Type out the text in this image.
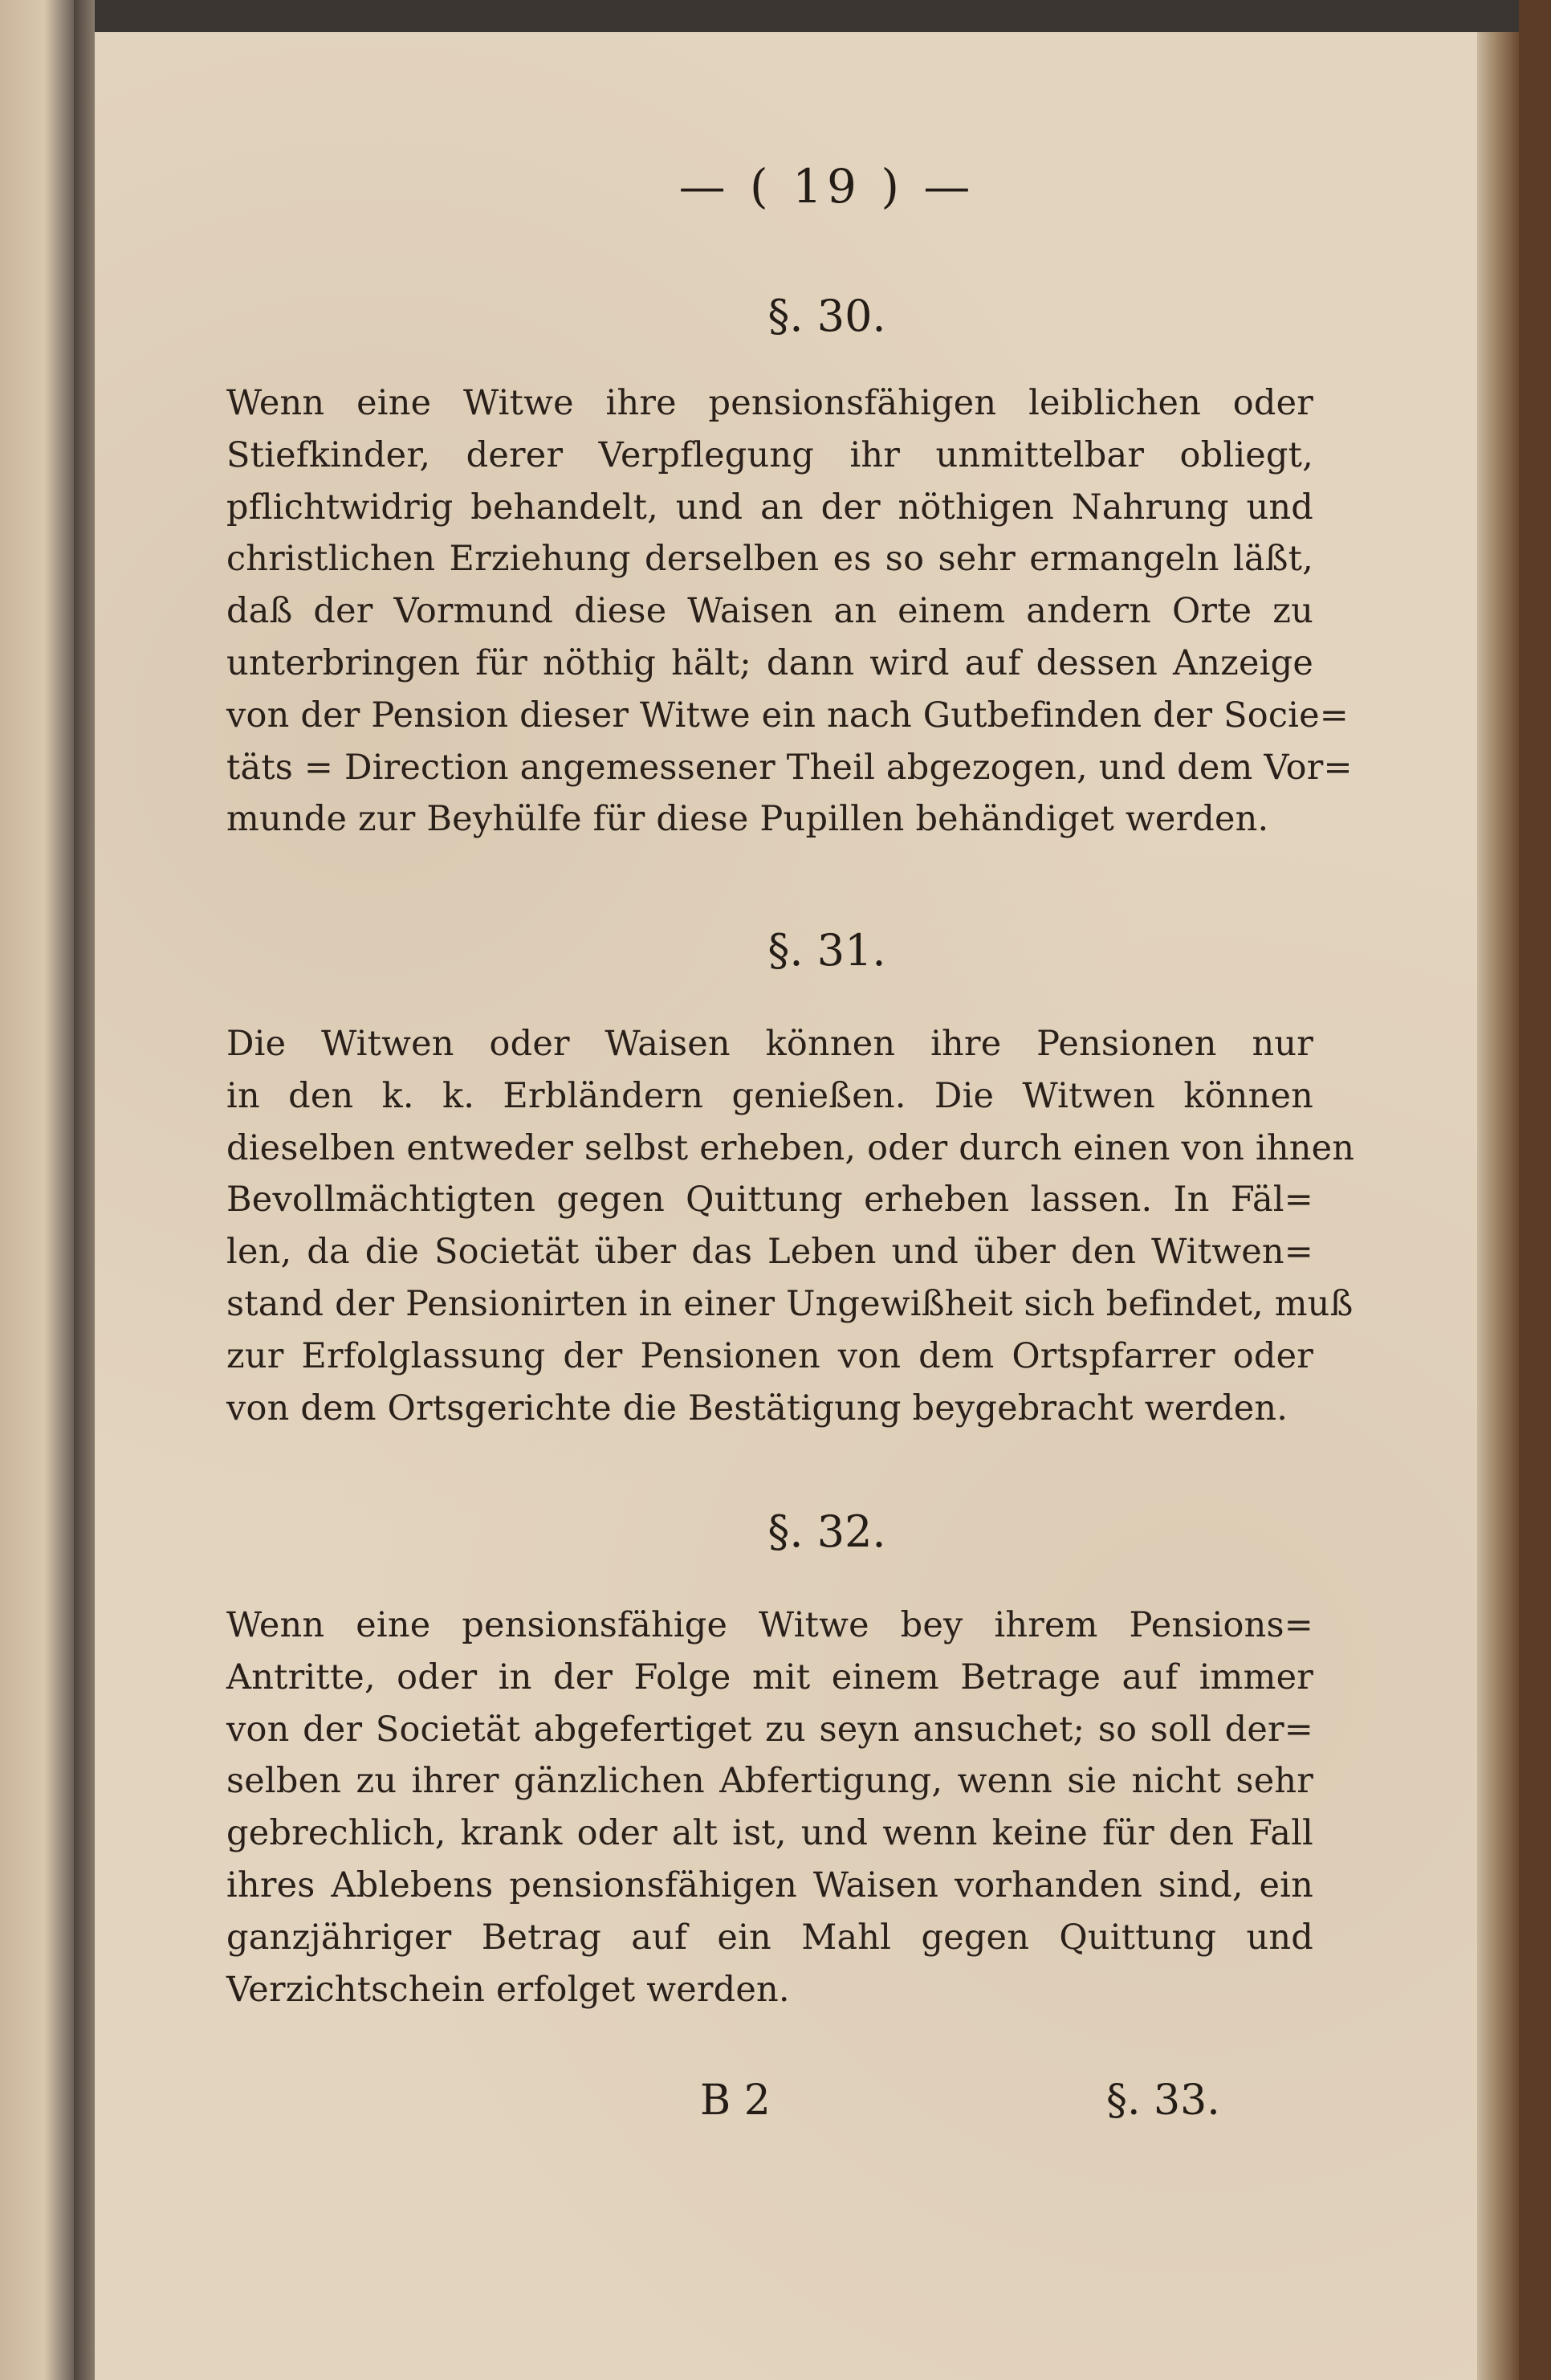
— ( 19 ) —
§. 30.
Wenn eine Witwe ihre pensionsfähigen leiblichen oder
Stiefkinder, derer Verpflegung ihr unmittelbar obliegt,
pflichtwidrig behandelt, und an der nöthigen Nahrung und
christlichen Erziehung derselben es so sehr ermangeln läßt,
daß der Vormund diese Waisen an einem andern Orte zu
unterbringen für nöthig hält; dann wird auf dessen Anzeige
von der Pension dieser Witwe ein nach Gutbefinden der Socie=
täts = Direction angemessener Theil abgezogen, und dem Vor=
munde zur Beyhülfe für diese Pupillen behändiget werden.
§. 31.
Die Witwen oder Waisen können ihre Pensionen nur
in den k. k. Erbländern genießen. Die Witwen können
dieselben entweder selbst erheben, oder durch einen von ihnen
Bevollmächtigten gegen Quittung erheben lassen. In Fäl=
len, da die Societät über das Leben und über den Witwen=
stand der Pensionirten in einer Ungewißheit sich befindet, muß
zur Erfolglassung der Pensionen von dem Ortspfarrer oder
von dem Ortsgerichte die Bestätigung beygebracht werden.
§. 32.
Wenn eine pensionsfähige Witwe bey ihrem Pensions=
Antritte, oder in der Folge mit einem Betrage auf immer
von der Societät abgefertiget zu seyn ansuchet; so soll der=
selben zu ihrer gänzlichen Abfertigung, wenn sie nicht sehr
gebrechlich, krank oder alt ist, und wenn keine für den Fall
ihres Ablebens pensionsfähigen Waisen vorhanden sind, ein
ganzjähriger Betrag auf ein Mahl gegen Quittung und
Verzichtschein erfolget werden.
B 2	§. 33.
